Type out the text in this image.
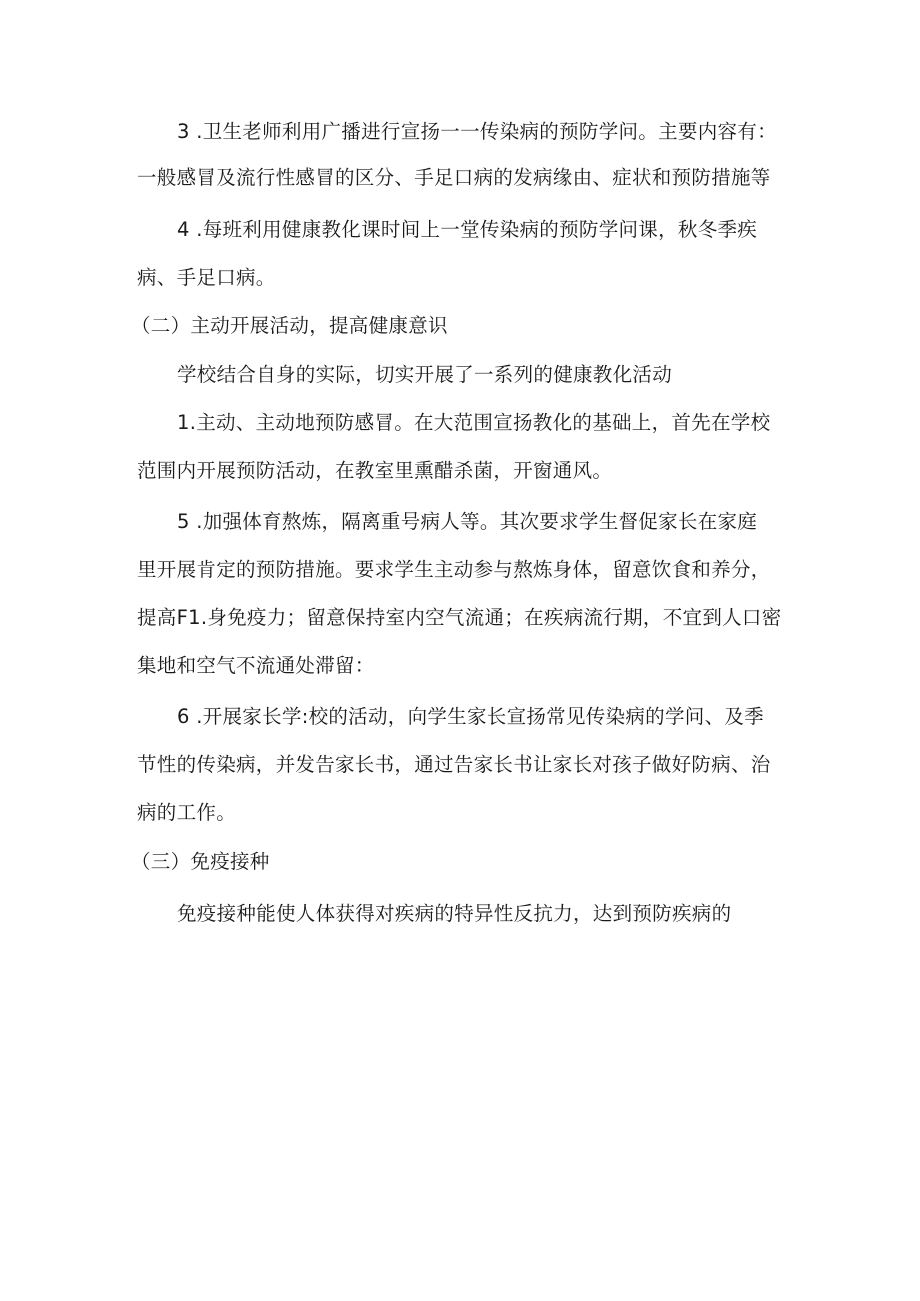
3 .卫生老师利用广播进行宣扬一一传染病的预防学问。主要内容有：
一般感冒及流行性感冒的区分、手足口病的发病缘由、症状和预防措施等
4 .每班利用健康教化课时间上一堂传染病的预防学问课，秋冬季疾
病、手足口病。
（二）主动开展活动，提高健康意识
学校结合自身的实际，切实开展了一系列的健康教化活动
1.主动、主动地预防感冒。在大范围宣扬教化的基础上，首先在学校
范围内开展预防活动，在教室里熏醋杀菌，开窗通风。
5 .加强体育熬炼，隔离重号病人等。其次要求学生督促家长在家庭
里开展肯定的预防措施。要求学生主动参与熬炼身体，留意饮食和养分，
提高F1.身免疫力；留意保持室内空气流通；在疾病流行期，不宜到人口密
集地和空气不流通处滞留：
6 .开展家长学:校的活动，向学生家长宣扬常见传染病的学问、及季
节性的传染病，并发告家长书，通过告家长书让家长对孩子做好防病、治
病的工作。
（三）免疫接种
免疫接种能使人体获得对疾病的特异性反抗力，达到预防疾病的
